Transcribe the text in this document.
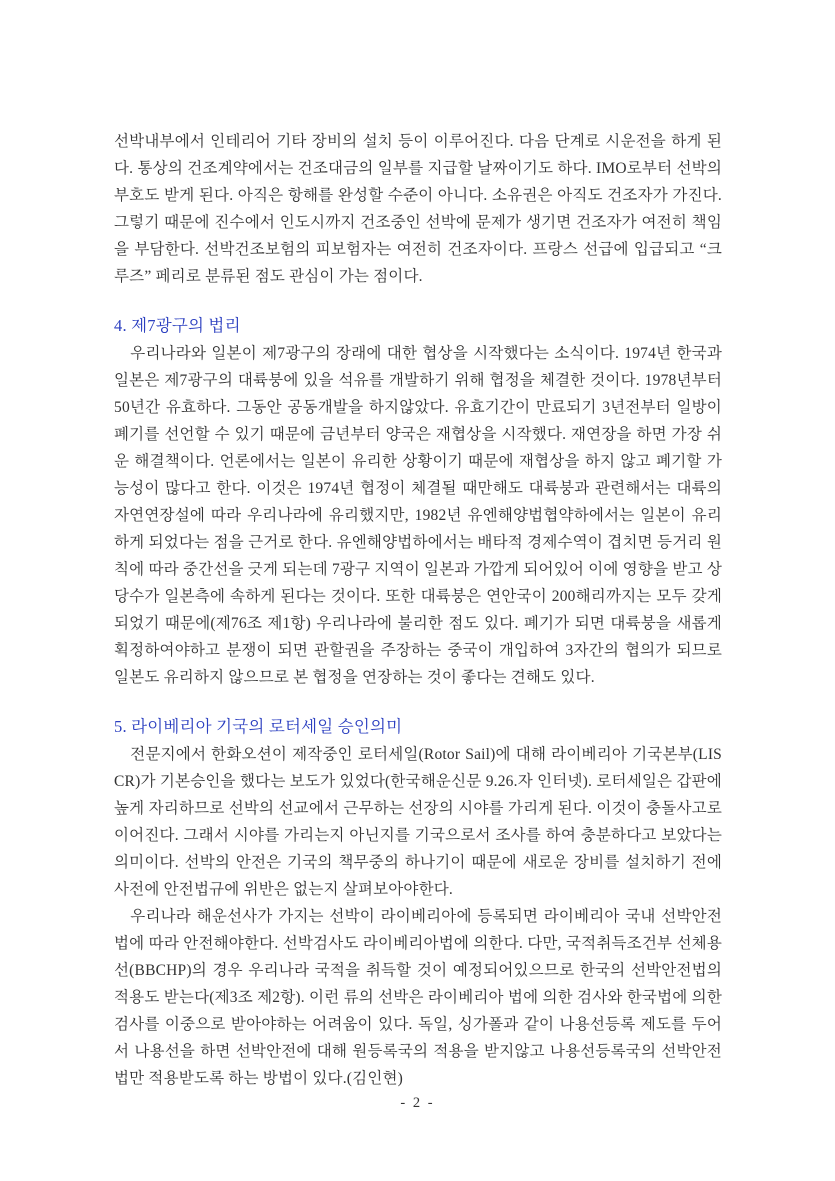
선박내부에서 인테리어 기타 장비의 설치 등이 이루어진다. 다음 단계로 시운전을 하게 된다. 통상의 건조계약에서는 건조대금의 일부를 지급할 날짜이기도 하다. IMO로부터 선박의 부호도 받게 된다. 아직은 항해를 완성할 수준이 아니다. 소유권은 아직도 건조자가 가진다. 그렇기 때문에 진수에서 인도시까지 건조중인 선박에 문제가 생기면 건조자가 여전히 책임을 부담한다. 선박건조보험의 피보험자는 여전히 건조자이다. 프랑스 선급에 입급되고 “크루즈” 페리로 분류된 점도 관심이 가는 점이다.

4. 제7광구의 법리

우리나라와 일본이 제7광구의 장래에 대한 협상을 시작했다는 소식이다. 1974년 한국과 일본은 제7광구의 대륙붕에 있을 석유를 개발하기 위해 협정을 체결한 것이다. 1978년부터 50년간 유효하다. 그동안 공동개발을 하지않았다. 유효기간이 만료되기 3년전부터 일방이 폐기를 선언할 수 있기 때문에 금년부터 양국은 재협상을 시작했다. 재연장을 하면 가장 쉬운 해결책이다. 언론에서는 일본이 유리한 상황이기 때문에 재협상을 하지 않고 폐기할 가능성이 많다고 한다. 이것은 1974년 협정이 체결될 때만해도 대륙붕과 관련해서는 대륙의 자연연장설에 따라 우리나라에 유리했지만, 1982년 유엔해양법협약하에서는 일본이 유리하게 되었다는 점을 근거로 한다. 유엔해양법하에서는 배타적 경제수역이 겹치면 등거리 원칙에 따라 중간선을 긋게 되는데 7광구 지역이 일본과 가깝게 되어있어 이에 영향을 받고 상당수가 일본측에 속하게 된다는 것이다. 또한 대륙붕은 연안국이 200해리까지는 모두 갖게 되었기 때문에(제76조 제1항) 우리나라에 불리한 점도 있다. 폐기가 되면 대륙붕을 새롭게 획정하여야하고 분쟁이 되면 관할권을 주장하는 중국이 개입하여 3자간의 협의가 되므로 일본도 유리하지 않으므로 본 협정을 연장하는 것이 좋다는 견해도 있다.

5. 라이베리아 기국의 로터세일 승인의미

전문지에서 한화오션이 제작중인 로터세일(Rotor Sail)에 대해 라이베리아 기국본부(LISCR)가 기본승인을 했다는 보도가 있었다(한국해운신문 9.26.자 인터넷). 로터세일은 갑판에 높게 자리하므로 선박의 선교에서 근무하는 선장의 시야를 가리게 된다. 이것이 충돌사고로 이어진다. 그래서 시야를 가리는지 아닌지를 기국으로서 조사를 하여 충분하다고 보았다는 의미이다. 선박의 안전은 기국의 책무중의 하나기이 때문에 새로운 장비를 설치하기 전에 사전에 안전법규에 위반은 없는지 살펴보아야한다.

우리나라 해운선사가 가지는 선박이 라이베리아에 등록되면 라이베리아 국내 선박안전법에 따라 안전해야한다. 선박검사도 라이베리아법에 의한다. 다만, 국적취득조건부 선체용선(BBCHP)의 경우 우리나라 국적을 취득할 것이 예정되어있으므로 한국의 선박안전법의 적용도 받는다(제3조 제2항). 이런 류의 선박은 라이베리아 법에 의한 검사와 한국법에 의한 검사를 이중으로 받아야하는 어려움이 있다. 독일, 싱가폴과 같이 나용선등록 제도를 두어서 나용선을 하면 선박안전에 대해 원등록국의 적용을 받지않고 나용선등록국의 선박안전법만 적용받도록 하는 방법이 있다.(김인현)

- 2 -
